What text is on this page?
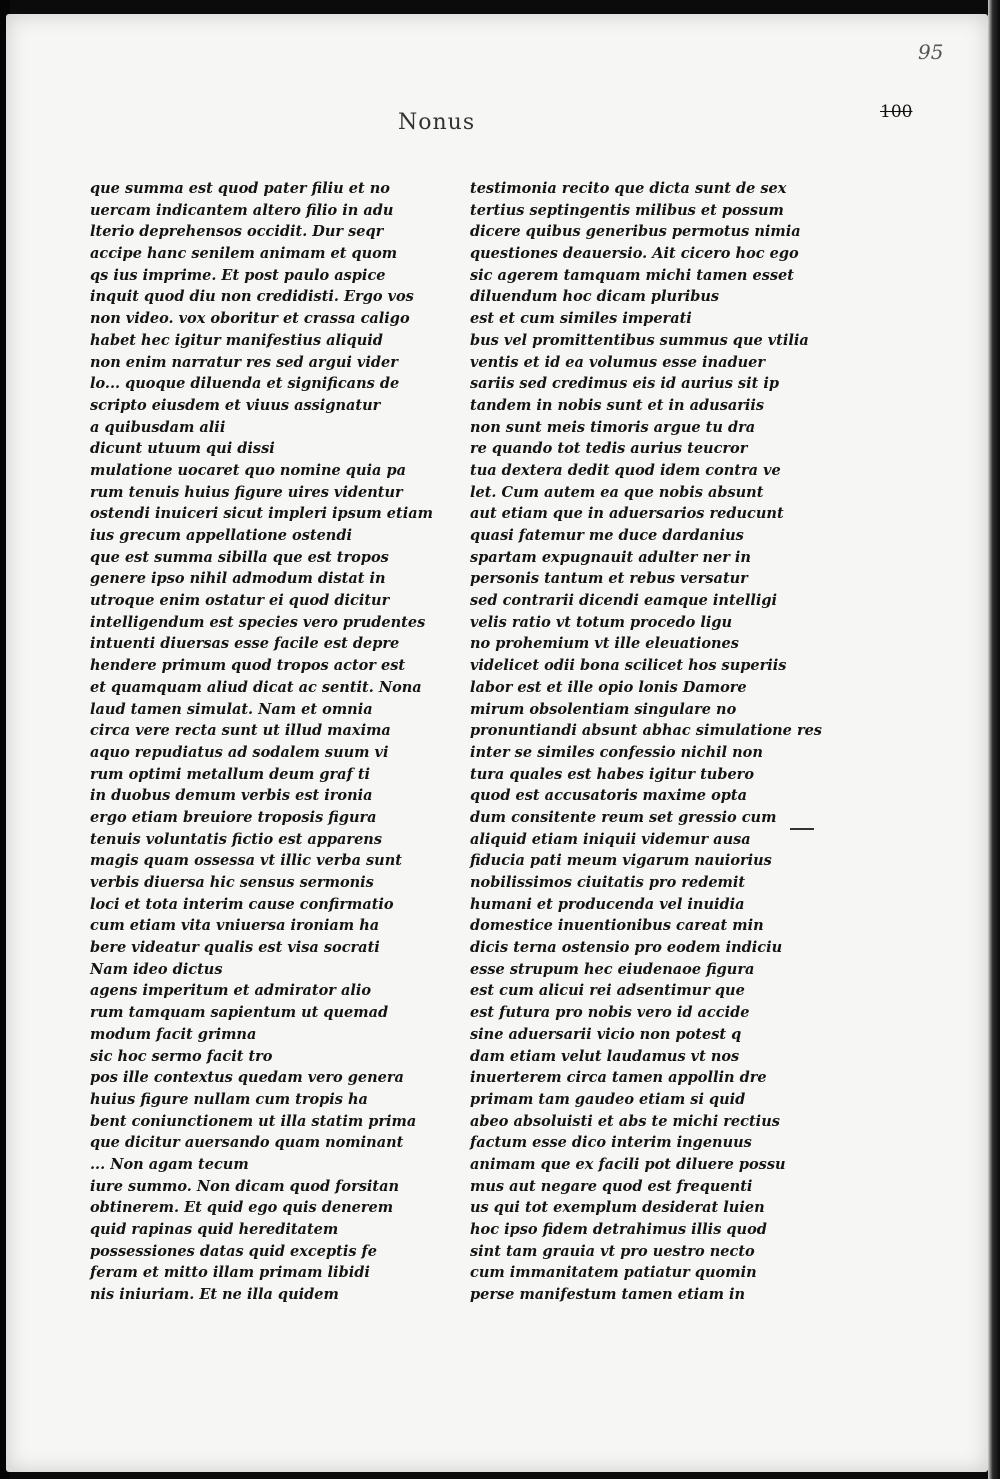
95
100
Nonus
que summa est quod pater filiu et no
uercam indicantem altero filio in adu
lterio deprehensos occidit. Dur seqr
accipe hanc senilem animam et quom
qs ius imprime. Et post paulo aspice
inquit quod diu non credidisti. Ergo vos
non video. vox oboritur et crassa caligo
habet hec igitur manifestius aliquid
non enim narratur res sed argui vider
lo... quoque diluenda et significans de
scripto eiusdem et viuus assignatur
a quibusdam alii
dicunt utuum qui dissi
mulatione uocaret quo nomine quia pa
rum tenuis huius figure uires videntur
ostendi inuiceri sicut impleri ipsum etiam
ius grecum appellatione ostendi
que est summa sibilla que est tropos
genere ipso nihil admodum distat in
utroque enim ostatur ei quod dicitur
intelligendum est species vero prudentes
intuenti diuersas esse facile est depre
hendere primum quod tropos actor est
et quamquam aliud dicat ac sentit. Nona
laud tamen simulat. Nam et omnia
circa vere recta sunt ut illud maxima
aquo repudiatus ad sodalem suum vi
rum optimi metallum deum graf ti
in duobus demum verbis est ironia
ergo etiam breuiore troposis figura
tenuis voluntatis fictio est apparens
magis quam ossessa vt illic verba sunt
verbis diuersa hic sensus sermonis
loci et tota interim cause confirmatio
cum etiam vita vniuersa ironiam ha
bere videatur qualis est visa socrati
Nam ideo dictus
agens imperitum et admirator alio
rum tamquam sapientum ut quemad
modum facit grimna
sic hoc sermo facit tro
pos ille contextus quedam vero genera
huius figure nullam cum tropis ha
bent coniunctionem ut illa statim prima
que dicitur auersando quam nominant
... Non agam tecum
iure summo. Non dicam quod forsitan
obtinerem. Et quid ego quis denerem
quid rapinas quid hereditatem
possessiones datas quid exceptis fe
feram et mitto illam primam libidi
nis iniuriam. Et ne illa quidem
testimonia recito que dicta sunt de sex
tertius septingentis milibus et possum
dicere quibus generibus permotus nimia
questiones deauersio. Ait cicero hoc ego
sic agerem tamquam michi tamen esset
diluendum hoc dicam pluribus
est et cum similes imperati
bus vel promittentibus summus que vtilia
ventis et id ea volumus esse inaduer
sariis sed credimus eis id aurius sit ip
tandem in nobis sunt et in adusariis
non sunt meis timoris argue tu dra
re quando tot tedis aurius teucror
tua dextera dedit quod idem contra ve
let. Cum autem ea que nobis absunt
aut etiam que in aduersarios reducunt
quasi fatemur me duce dardanius
spartam expugnauit adulter ner in
personis tantum et rebus versatur
sed contrarii dicendi eamque intelligi
velis ratio vt totum procedo ligu
no prohemium vt ille eleuationes
videlicet odii bona scilicet hos superiis
labor est et ille opio lonis Damore
mirum obsolentiam singulare no
pronuntiandi absunt abhac simulatione res
inter se similes confessio nichil non
tura quales est habes igitur tubero
quod est accusatoris maxime opta
dum consitente reum set gressio cum
aliquid etiam iniquii videmur ausa
fiducia pati meum vigarum nauiorius
nobilissimos ciuitatis pro redemit
humani et producenda vel inuidia
domestice inuentionibus careat min
dicis terna ostensio pro eodem indiciu
esse strupum hec eiudenaoe figura
est cum alicui rei adsentimur que
est futura pro nobis vero id accide
sine aduersarii vicio non potest q
dam etiam velut laudamus vt nos
inuerterem circa tamen appollin dre
primam tam gaudeo etiam si quid
abeo absoluisti et abs te michi rectius
factum esse dico interim ingenuus
animam que ex facili pot diluere possu
mus aut negare quod est frequenti
us qui tot exemplum desiderat luien
hoc ipso fidem detrahimus illis quod
sint tam grauia vt pro uestro necto
cum immanitatem patiatur quomin
perse manifestum tamen etiam in
